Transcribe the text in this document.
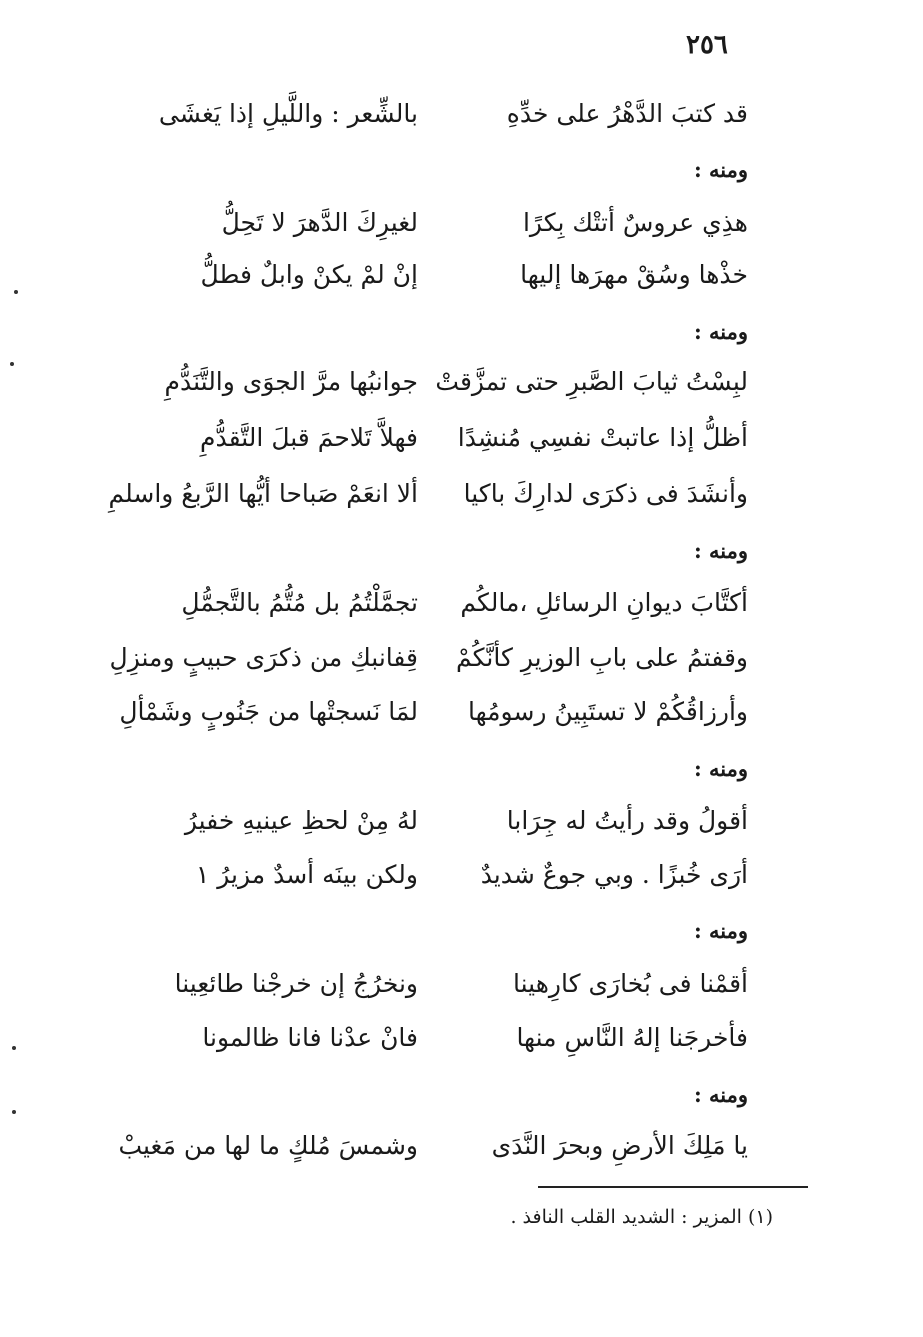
٢٥٦
قد كتبَ الدَّهْرُ على خدِّهِ
بالشِّعر : واللَّيلِ إذا يَغشَى
ومنه :
هذِي عروسٌ أتتْك بِكرًا
لغيرِكَ الدَّهرَ لا تَحِلُّ
خذْها وسُقْ مهرَها إليها
إنْ لمْ يكنْ وابلٌ فطلُّ
ومنه :
لبِسْتُ ثيابَ الصَّبرِ حتى تمزَّقتْ
جوانبُها مرَّ الجوَى والتَّنَدُّمِ
أظلُّ إذا عاتبتْ نفسِي مُنشِدًا
فهلاَّ تَلاحمَ قبلَ التَّقدُّمِ
وأنشَدَ فى ذكرَى لدارِكَ باكيا
ألا انعَمْ صَباحا أيُّها الرَّبعُ واسلمِ
ومنه :
أكتَّابَ ديوانِ الرسائلِ ،مالكُم
تجمَّلْتُمُ بل مُتُّمُ بالتَّجمُّلِ
وقفتمُ على بابِ الوزيرِ كأنَّكُمْ
قِفانبكِ من ذكرَى حبيبٍ ومنزِلِ
وأرزاقُكُمْ لا تستَبِينُ رسومُها
لمَا نَسجتْها من جَنُوبٍ وشَمْألِ
ومنه :
أقولُ وقد رأيتُ له جِرَابا
لهُ مِنْ لحظِ عينيهِ خفيرُ
أرَى خُبزًا . وبي جوعٌ شديدٌ
ولكن بينَه أسدٌ مزيرُ ١
ومنه :
أقمْنا فى بُخارَى كارِهينا
ونخرُجُ إن خرجْنا طائعِينا
فأخرجَنا إلهُ النَّاسِ منها
فانْ عدْنا فانا ظالمونا
ومنه :
يا مَلِكَ الأرضِ وبحرَ النَّدَى
وشمسَ مُلكٍ ما لها من مَغيبْ
(١) المزير : الشديد القلب النافذ .
